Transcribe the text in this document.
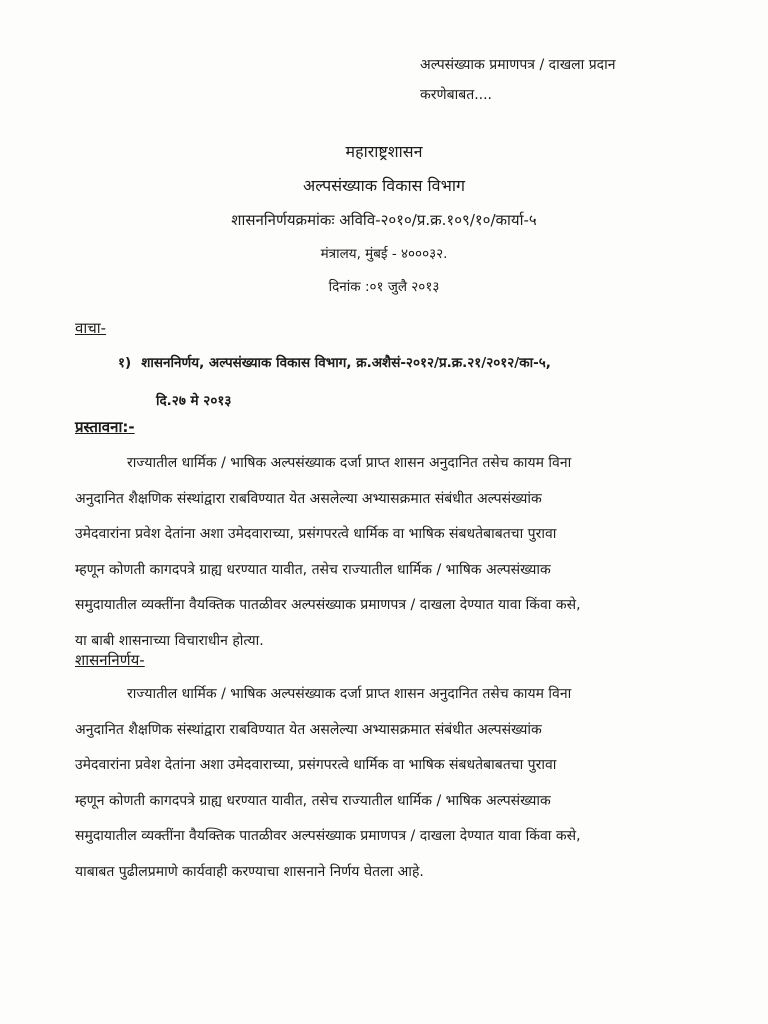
अल्पसंख्याक प्रमाणपत्र / दाखला प्रदान
करणेबाबत....
महाराष्ट्रशासन
अल्पसंख्याक विकास विभाग
शासननिर्णयक्रमांकः अविवि-२०१०/प्र.क्र.१०९/१०/कार्या-५
मंत्रालय, मुंबई - ४०००३२.
दिनांक :०१ जुलै २०१३
वाचा-
१) शासननिर्णय, अल्पसंख्याक विकास विभाग, क्र.अशैसं-२०१२/प्र.क्र.२१/२०१२/का-५,
दि.२७ मे २०१३
प्रस्तावना:-
राज्यातील धार्मिक / भाषिक अल्पसंख्याक दर्जा प्राप्त शासन अनुदानित तसेच कायम विना
अनुदानित शैक्षणिक संस्थांद्वारा राबविण्यात येत असलेल्या अभ्यासक्रमात संबंधीत अल्पसंख्यांक
उमेदवारांना प्रवेश देतांना अशा उमेदवाराच्या, प्रसंगपरत्वे धार्मिक वा भाषिक संबधतेबाबतचा पुरावा
म्हणून कोणती कागदपत्रे ग्राह्य धरण्यात यावीत, तसेच राज्यातील धार्मिक / भाषिक अल्पसंख्याक
समुदायातील व्यक्तींना वैयक्तिक पातळीवर अल्पसंख्याक प्रमाणपत्र / दाखला देण्यात यावा किंवा कसे,
या बाबी शासनाच्या विचाराधीन होत्या.
शासननिर्णय-
राज्यातील धार्मिक / भाषिक अल्पसंख्याक दर्जा प्राप्त शासन अनुदानित तसेच कायम विना
अनुदानित शैक्षणिक संस्थांद्वारा राबविण्यात येत असलेल्या अभ्यासक्रमात संबंधीत अल्पसंख्यांक
उमेदवारांना प्रवेश देतांना अशा उमेदवाराच्या, प्रसंगपरत्वे धार्मिक वा भाषिक संबधतेबाबतचा पुरावा
म्हणून कोणती कागदपत्रे ग्राह्य धरण्यात यावीत, तसेच राज्यातील धार्मिक / भाषिक अल्पसंख्याक
समुदायातील व्यक्तींना वैयक्तिक पातळीवर अल्पसंख्याक प्रमाणपत्र / दाखला देण्यात यावा किंवा कसे,
याबाबत पुढीलप्रमाणे कार्यवाही करण्याचा शासनाने निर्णय घेतला आहे.
